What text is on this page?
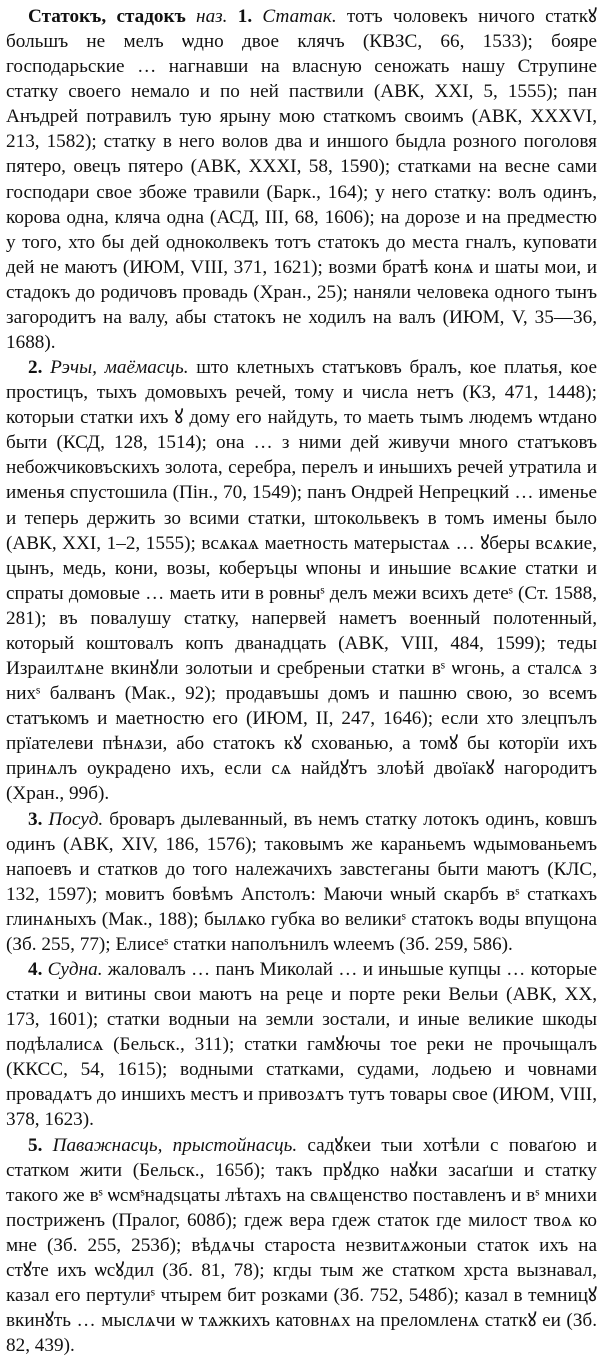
Статокъ, стадокъ наз. 1. Статак. тотъ чоловекъ ничого статкꙋ большъ не мелъ ѡдно двое клячъ (КВЗС, 66, 1533); бояре господарьские … нагнавши на власную сеножать нашу Струпине статку своего немало и по ней паствили (АВК, XXI, 5, 1555); пан Анъдрей потравилъ тую ярыну мою статкомъ своимъ (АВК, XXXVI, 213, 1582); статку в него волов два и иншого быдла розного поголовя пятеро, овецъ пятеро (АВК, XXXI, 58, 1590); статками на весне сами господари свое збоже травили (Барк., 164); у него статку: волъ одинъ, корова одна, кляча одна (АСД, III, 68, 1606); на дорозе и на предместю у того, хто бы дей одноколвекъ тотъ статокъ до места гналъ, куповати дей не маютъ (ИЮМ, VIII, 371, 1621); возми братѣ конѧ и шаты мои, и стадокъ до родичовъ провадь (Хран., 25); наняли человека одного тынъ загородитъ на валу, абы статокъ не ходилъ на валъ (ИЮМ, V, 35—36, 1688).

2. Рэчы, маёмасць. што клетныхъ статъковъ бралъ, кое платья, кое простицъ, тыхъ домовыхъ речей, тому и числа нетъ (КЗ, 471, 1448); которыи статки ихъ ꙋ дому его найдуть, то маеть тымъ людемъ ѡтдано быти (КСД, 128, 1514); она … з ними дей живучи много статъковъ небожчиковъскихъ золота, серебра, перелъ и иньшихъ речей утратила и именья спустошила (Пін., 70, 1549); панъ Ондрей Непрецкий … именье и теперь держить зо всими статки, штокольвекъ в томъ имены было (АВК, XXI, 1–2, 1555); всѧкаѧ маетность матерыстаѧ … ꙋберы всѧкие, цынъ, медь, кони, возы, коберъцы ѡпоны и иньшие всѧкие статки и спраты домовые … маеть ити в ровныˢ делъ межи всихъ детеˢ (Ст. 1588, 281); въ повалушу статку, напервей наметъ военный полотенный, который коштовалъ копъ дванадцать (АВК, VIII, 484, 1599); теды Израилтѧне вкинꙋли золотыи и сребреныи статки вˢ ѡгонь, а сталсѧ з нихˢ балванъ (Мак., 92); продавъшы домъ и пашню свою, зо всемъ статъкомъ и маетностю его (ИЮМ, II, 247, 1646); если хто злецпълъ прїателеви пѣнѧзи, або статокъ кꙋ схованью, а томꙋ бы которїи ихъ принѧлъ оукрадено ихъ, если сѧ найдꙋтъ злоѣй двоїакꙋ нагородитъ (Хран., 99б).

3. Посуд. броваръ дылеванный, въ немъ статку лотокъ одинъ, ковшъ одинъ (АВК, XIV, 186, 1576); таковымъ же караньемъ ѡдымованьемъ напоевъ и статков до того належачихъ завстеганы быти маютъ (КЛС, 132, 1597); мовитъ бовѣмъ Апстолъ: Маючи ѡный скарбъ вˢ статкахъ глинѧныхъ (Мак., 188); былѧко губка во великиˢ статокъ воды впущона (Зб. 255, 77); Елисеˢ статки наполънилъ ѡлеемъ (Зб. 259, 586).

4. Судна. жаловалъ … панъ Миколай … и иньшые купцы … которые статки и витины свои маютъ на реце и порте реки Вельи (АВК, XX, 173, 1601); статки водныи на земли зостали, и иные великие шкоды подѣлалисѧ (Бельск., 311); статки гамꙋючы тое реки не прочыщалъ (ККСС, 54, 1615); водными статками, судами, лодьею и човнами провадѧтъ до иншихъ местъ и привозѧтъ тутъ товары свое (ИЮМ, VIII, 378, 1623).

5. Паважнасць, прыстойнасць. садꙋкеи тыи хотѣли с поваґою и статком жити (Бельск., 165б); такъ прꙋдко наꙋки засаґши и статку такого же вˢ ѡсмˢнадѕцаты лѣтахъ на свѧщенство поставленъ и вˢ мнихи постриженъ (Пралог, 608б); гдеж вера гдеж статок где милост твоѧ ко мне (Зб. 255, 253б); вѣдѧчы староста незвитѧжоныи статок ихъ на стꙋте ихъ ѡсꙋдил (Зб. 81, 78); кгды тым же статком хрста вызнавал, казал его пертулиˢ чтырем бит розками (Зб. 752, 548б); казал в темницꙋ вкинꙋть … мыслѧчи ѡ тѧжкихъ катовнѧх на преломленѧ статкꙋ еи (Зб. 82, 439).
